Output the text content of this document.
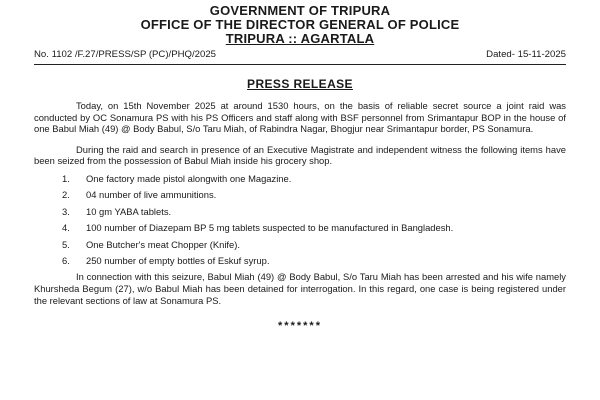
GOVERNMENT OF TRIPURA
OFFICE OF THE DIRECTOR GENERAL OF POLICE
TRIPURA :: AGARTALA
No. 1102 /F.27/PRESS/SP (PC)/PHQ/2025	Dated- 15-11-2025
PRESS RELEASE

Today, on 15th November 2025 at around 1530 hours, on the basis of reliable secret source a joint raid was conducted by OC Sonamura PS with his PS Officers and staff along with BSF personnel from Srimantapur BOP in the house of one Babul Miah (49) @ Body Babul, S/o Taru Miah, of Rabindra Nagar, Bhogjur near Srimantapur border, PS Sonamura.

During the raid and search in presence of an Executive Magistrate and independent witness the following items have been seized from the possession of Babul Miah inside his grocery shop.

1. One factory made pistol alongwith one Magazine.
2. 04 number of live ammunitions.
3. 10 gm YABA tablets.
4. 100 number of Diazepam BP 5 mg tablets suspected to be manufactured in Bangladesh.
5. One Butcher's meat Chopper (Knife).
6. 250 number of empty bottles of Eskuf syrup.

In connection with this seizure, Babul Miah (49) @ Body Babul, S/o Taru Miah has been arrested and his wife namely Khursheda Begum (27), w/o Babul Miah has been detained for interrogation. In this regard, one case is being registered under the relevant sections of law at Sonamura PS.

*******
